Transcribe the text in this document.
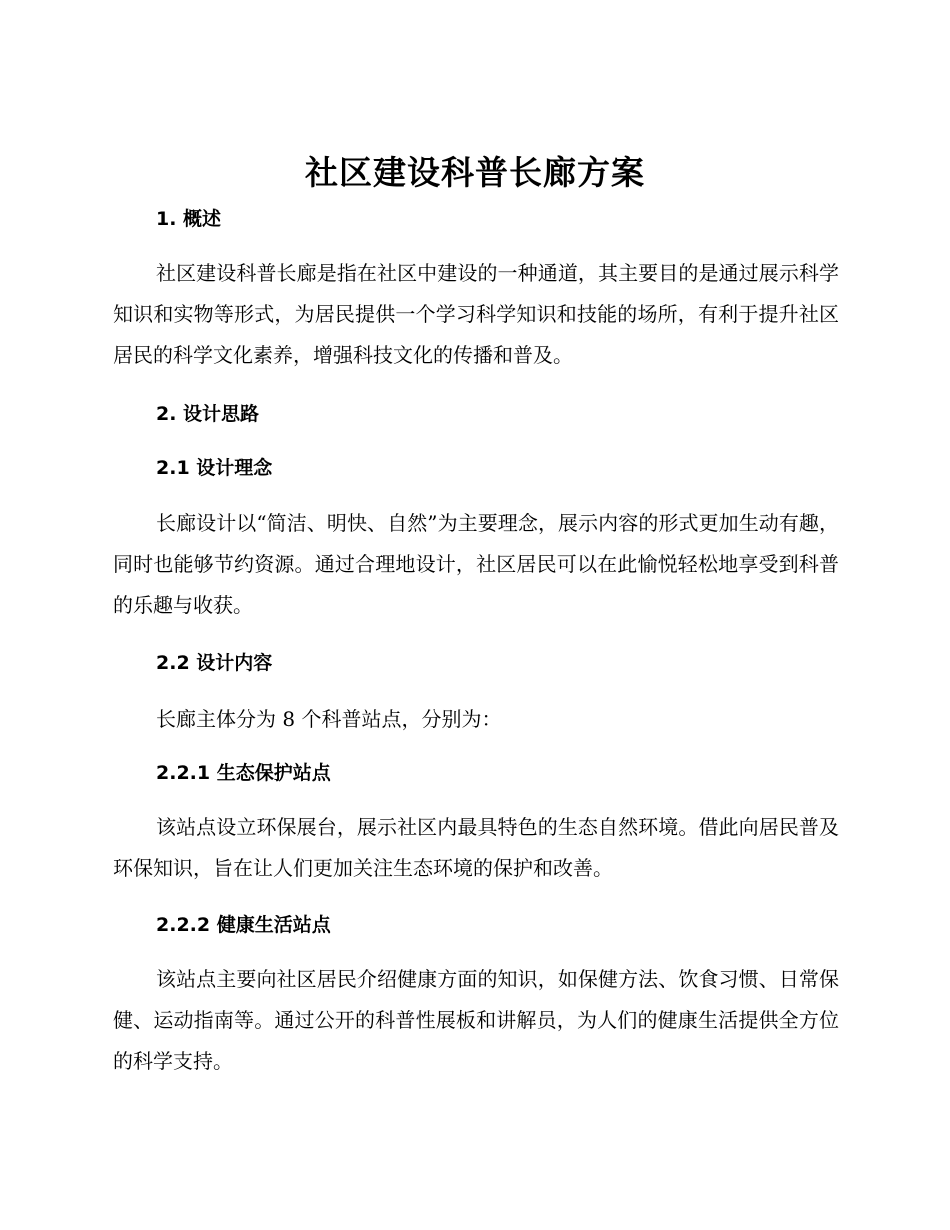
社区建设科普长廊方案
1. 概述
社区建设科普长廊是指在社区中建设的一种通道，其主要目的是通过展示科学知识和实物等形式，为居民提供一个学习科学知识和技能的场所，有利于提升社区居民的科学文化素养，增强科技文化的传播和普及。
2. 设计思路
2.1 设计理念
长廊设计以“简洁、明快、自然”为主要理念，展示内容的形式更加生动有趣，同时也能够节约资源。通过合理地设计，社区居民可以在此愉悦轻松地享受到科普的乐趣与收获。
2.2 设计内容
长廊主体分为 8 个科普站点，分别为：
2.2.1 生态保护站点
该站点设立环保展台，展示社区内最具特色的生态自然环境。借此向居民普及环保知识，旨在让人们更加关注生态环境的保护和改善。
2.2.2 健康生活站点
该站点主要向社区居民介绍健康方面的知识，如保健方法、饮食习惯、日常保健、运动指南等。通过公开的科普性展板和讲解员，为人们的健康生活提供全方位的科学支持。
